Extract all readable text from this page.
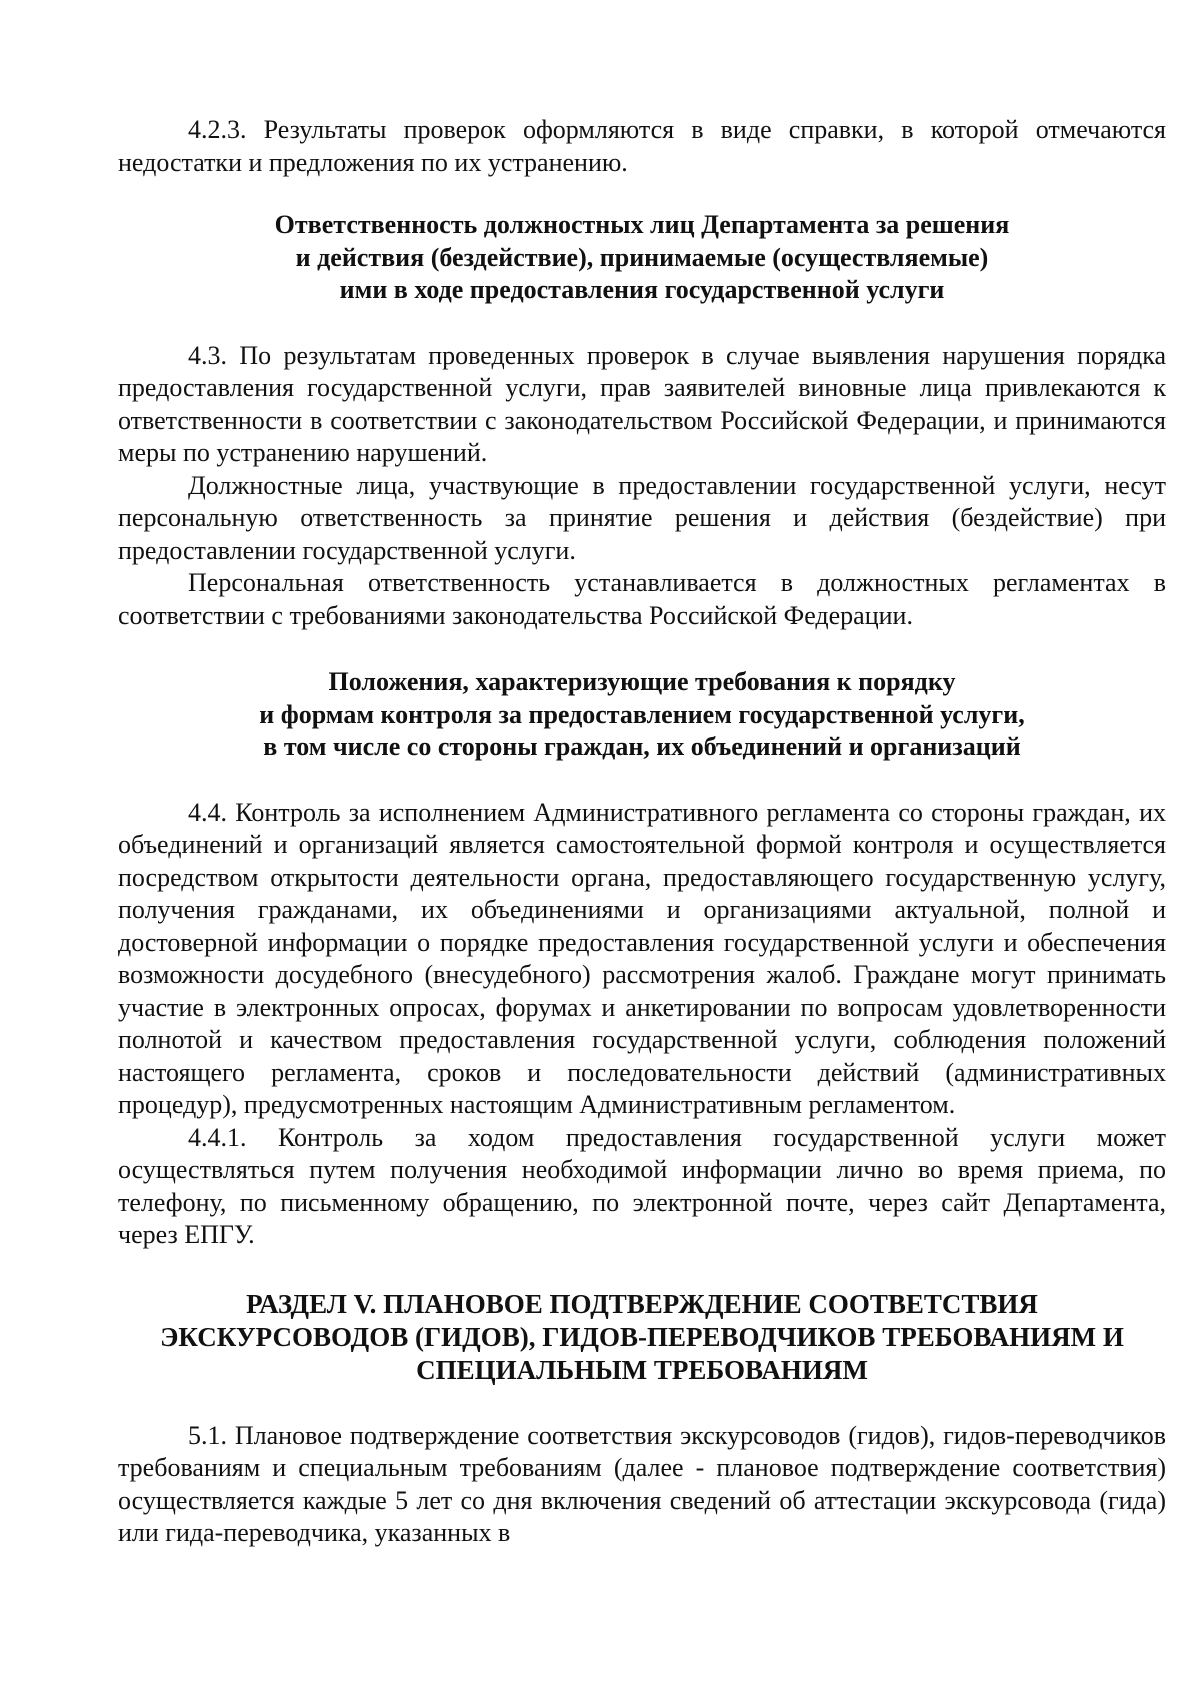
4.2.3. Результаты проверок оформляются в виде справки, в которой отмечаются недостатки и предложения по их устранению.

Ответственность должностных лиц Департамента за решения
и действия (бездействие), принимаемые (осуществляемые)
ими в ходе предоставления государственной услуги

4.3. По результатам проведенных проверок в случае выявления нарушения порядка предоставления государственной услуги, прав заявителей виновные лица привлекаются к ответственности в соответствии с законодательством Российской Федерации, и принимаются меры по устранению нарушений.

Должностные лица, участвующие в предоставлении государственной услуги, несут персональную ответственность за принятие решения и действия (бездействие) при предоставлении государственной услуги.

Персональная ответственность устанавливается в должностных регламентах в соответствии с требованиями законодательства Российской Федерации.

Положения, характеризующие требования к порядку
и формам контроля за предоставлением государственной услуги,
в том числе со стороны граждан, их объединений и организаций

4.4. Контроль за исполнением Административного регламента со стороны граждан, их объединений и организаций является самостоятельной формой контроля и осуществляется посредством открытости деятельности органа, предоставляющего государственную услугу, получения гражданами, их объединениями и организациями актуальной, полной и достоверной информации о порядке предоставления государственной услуги и обеспечения возможности досудебного (внесудебного) рассмотрения жалоб. Граждане могут принимать участие в электронных опросах, форумах и анкетировании по вопросам удовлетворенности полнотой и качеством предоставления государственной услуги, соблюдения положений настоящего регламента, сроков и последовательности действий (административных процедур), предусмотренных настоящим Административным регламентом.

4.4.1. Контроль за ходом предоставления государственной услуги может осуществляться путем получения необходимой информации лично во время приема, по телефону, по письменному обращению, по электронной почте, через сайт Департамента, через ЕПГУ.

РАЗДЕЛ V. ПЛАНОВОЕ ПОДТВЕРЖДЕНИЕ СООТВЕТСТВИЯ
ЭКСКУРСОВОДОВ (ГИДОВ), ГИДОВ-ПЕРЕВОДЧИКОВ ТРЕБОВАНИЯМ И
СПЕЦИАЛЬНЫМ ТРЕБОВАНИЯМ

5.1. Плановое подтверждение соответствия экскурсоводов (гидов), гидов-переводчиков требованиям и специальным требованиям (далее - плановое подтверждение соответствия) осуществляется каждые 5 лет со дня включения сведений об аттестации экскурсовода (гида) или гида-переводчика, указанных в
